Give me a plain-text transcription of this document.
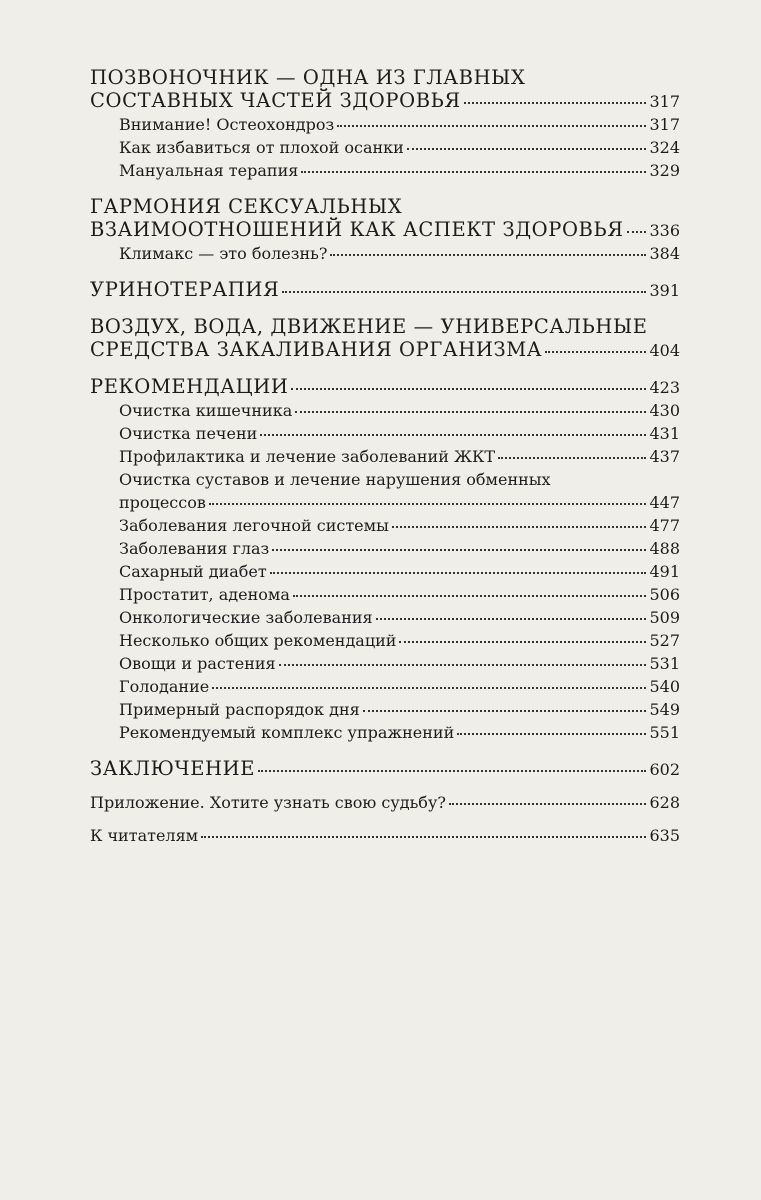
ПОЗВОНОЧНИК — ОДНА ИЗ ГЛАВНЫХ
СОСТАВНЫХ ЧАСТЕЙ ЗДОРОВЬЯ	317
Внимание! Остеохондроз	317
Как избавиться от плохой осанки	324
Мануальная терапия	329
ГАРМОНИЯ СЕКСУАЛЬНЫХ
ВЗАИМООТНОШЕНИЙ КАК АСПЕКТ ЗДОРОВЬЯ 336
Климакс — это болезнь?	384
УРИНОТЕРАПИЯ	391
ВОЗДУХ, ВОДА, ДВИЖЕНИЕ — УНИВЕРСАЛЬНЫЕ
СРЕДСТВА ЗАКАЛИВАНИЯ ОРГАНИЗМА	404
РЕКОМЕНДАЦИИ	423
Очистка кишечника	430
Очистка печени	431
Профилактика и лечение заболеваний ЖКТ	437
Очистка суставов и лечение нарушения обменных
процессов	447
Заболевания легочной системы	477
Заболевания глаз	488
Сахарный диабет	491
Простатит, аденома	506
Онкологические заболевания	509
Несколько общих рекомендаций	527
Овощи и растения	531
Голодание	540
Примерный распорядок дня	549
Рекомендуемый комплекс упражнений	551
ЗАКЛЮЧЕНИЕ	602
Приложение. Хотите узнать свою судьбу?	628
К читателям	635
